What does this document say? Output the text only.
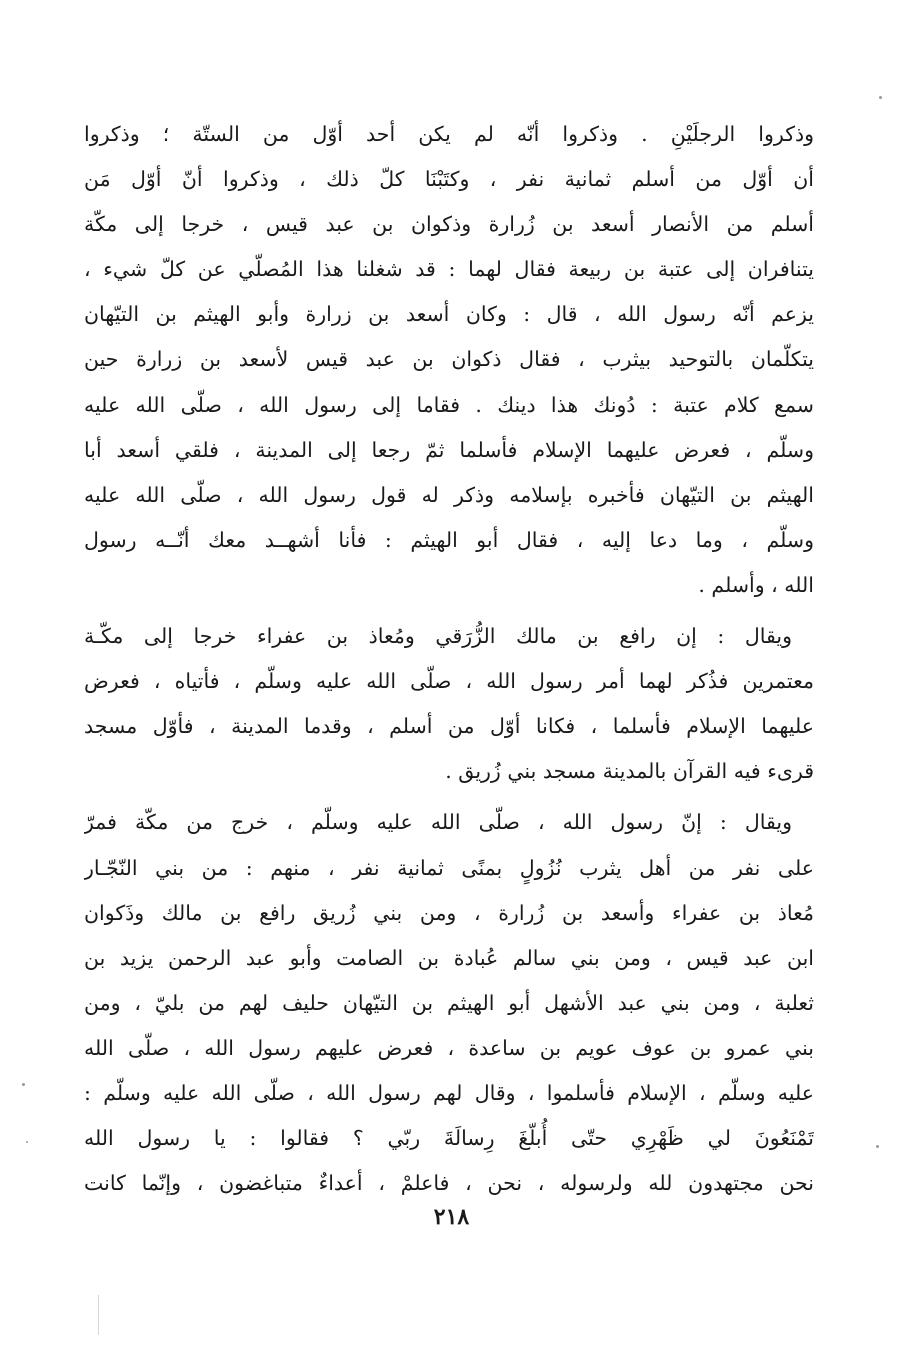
وذكروا الرجلَيْنِ . وذكروا أنّه لم يكن أحد أوّل من الستّة ؛ وذكروا
أن أوّل من أسلم ثمانية نفر ، وكتَبْنَا كلّ ذلك ، وذكروا أنّ أوّل مَن
أسلم من الأنصار أسعد بن زُرارة وذكوان بن عبد قيس ، خرجا إلى مكّة
يتنافران إلى عتبة بن ربيعة فقال لهما : قد شغلنا هذا المُصلّي عن كلّ شيء ،
يزعم أنّه رسول الله ، قال : وكان أسعد بن زرارة وأبو الهيثم بن التيّهان
يتكلّمان بالتوحيد بيثرب ، فقال ذكوان بن عبد قيس لأسعد بن زرارة حين
سمع كلام عتبة : دُونك هذا دينك . فقاما إلى رسول الله ، صلّى الله عليه
وسلّم ، فعرض عليهما الإسلام فأسلما ثمّ رجعا إلى المدينة ، فلقي أسعد أبا
الهيثم بن التيّهان فأخبره بإسلامه وذكر له قول رسول الله ، صلّى الله عليه
وسلّم ، وما دعا إليه ، فقال أبو الهيثم : فأنا أشهــد معك أنّــه رسول
الله ، وأسلم .
ويقال : إن رافع بن مالك الزُّرَقي ومُعاذ بن عفراء خرجا إلى مكّـة
معتمرين فذُكر لهما أمر رسول الله ، صلّى الله عليه وسلّم ، فأتياه ، فعرض
عليهما الإسلام فأسلما ، فكانا أوّل من أسلم ، وقدما المدينة ، فأوّل مسجد
قرىء فيه القرآن بالمدينة مسجد بني زُريق .
ويقال : إنّ رسول الله ، صلّى الله عليه وسلّم ، خرج من مكّة فمرّ
على نفر من أهل يثرب نُزُولٍ بمنًى ثمانية نفر ، منهم : من بني النّجّـار
مُعاذ بن عفراء وأسعد بن زُرارة ، ومن بني زُريق رافع بن مالك وذَكوان
ابن عبد قيس ، ومن بني سالم عُبادة بن الصامت وأبو عبد الرحمن يزيد بن
ثعلبة ، ومن بني عبد الأشهل أبو الهيثم بن التيّهان حليف لهم من بليّ ، ومن
بني عمرو بن عوف عويم بن ساعدة ، فعرض عليهم رسول الله ، صلّى الله
عليه وسلّم ، الإسلام فأسلموا ، وقال لهم رسول الله ، صلّى الله عليه وسلّم :
تَمْنَعُونَ لي ظَهْرِي حتّى أُبلّغَ رِسالَةَ ربّي ؟ فقالوا : يا رسول الله
نحن مجتهدون لله ولرسوله ، نحن ، فاعلمْ ، أعداءٌ متباغضون ، وإنّما كانت
٢١٨
